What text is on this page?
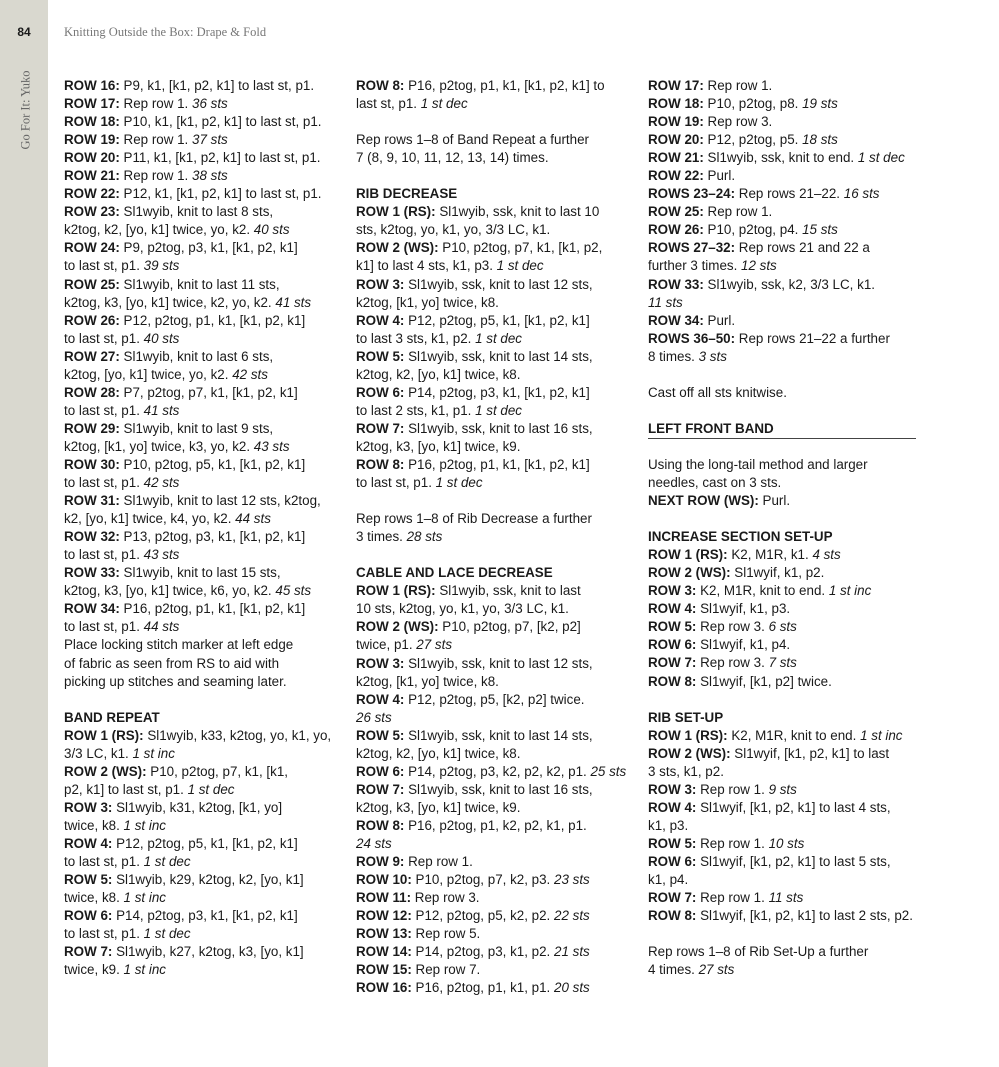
84
Go For It: Yuko
Knitting Outside the Box: Drape & Fold
ROW 16: P9, k1, [k1, p2, k1] to last st, p1.
ROW 17: Rep row 1. 36 sts
ROW 18: P10, k1, [k1, p2, k1] to last st, p1.
ROW 19: Rep row 1. 37 sts
ROW 20: P11, k1, [k1, p2, k1] to last st, p1.
ROW 21: Rep row 1. 38 sts
ROW 22: P12, k1, [k1, p2, k1] to last st, p1.
ROW 23: Sl1wyib, knit to last 8 sts,
k2tog, k2, [yo, k1] twice, yo, k2. 40 sts
ROW 24: P9, p2tog, p3, k1, [k1, p2, k1]
to last st, p1. 39 sts
ROW 25: Sl1wyib, knit to last 11 sts,
k2tog, k3, [yo, k1] twice, k2, yo, k2. 41 sts
ROW 26: P12, p2tog, p1, k1, [k1, p2, k1]
to last st, p1. 40 sts
ROW 27: Sl1wyib, knit to last 6 sts,
k2tog, [yo, k1] twice, yo, k2. 42 sts
ROW 28: P7, p2tog, p7, k1, [k1, p2, k1]
to last st, p1. 41 sts
ROW 29: Sl1wyib, knit to last 9 sts,
k2tog, [k1, yo] twice, k3, yo, k2. 43 sts
ROW 30: P10, p2tog, p5, k1, [k1, p2, k1]
to last st, p1. 42 sts
ROW 31: Sl1wyib, knit to last 12 sts, k2tog,
k2, [yo, k1] twice, k4, yo, k2. 44 sts
ROW 32: P13, p2tog, p3, k1, [k1, p2, k1]
to last st, p1. 43 sts
ROW 33: Sl1wyib, knit to last 15 sts,
k2tog, k3, [yo, k1] twice, k6, yo, k2. 45 sts
ROW 34: P16, p2tog, p1, k1, [k1, p2, k1]
to last st, p1. 44 sts
Place locking stitch marker at left edge
of fabric as seen from RS to aid with
picking up stitches and seaming later.
BAND REPEAT
ROW 1 (RS): Sl1wyib, k33, k2tog, yo, k1, yo,
3/3 LC, k1. 1 st inc
ROW 2 (WS): P10, p2tog, p7, k1, [k1,
p2, k1] to last st, p1. 1 st dec
ROW 3: Sl1wyib, k31, k2tog, [k1, yo]
twice, k8. 1 st inc
ROW 4: P12, p2tog, p5, k1, [k1, p2, k1]
to last st, p1. 1 st dec
ROW 5: Sl1wyib, k29, k2tog, k2, [yo, k1]
twice, k8. 1 st inc
ROW 6: P14, p2tog, p3, k1, [k1, p2, k1]
to last st, p1. 1 st dec
ROW 7: Sl1wyib, k27, k2tog, k3, [yo, k1]
twice, k9. 1 st inc
ROW 8: P16, p2tog, p1, k1, [k1, p2, k1] to
last st, p1. 1 st dec
Rep rows 1–8 of Band Repeat a further
7 (8, 9, 10, 11, 12, 13, 14) times.
RIB DECREASE
ROW 1 (RS): Sl1wyib, ssk, knit to last 10
sts, k2tog, yo, k1, yo, 3/3 LC, k1.
ROW 2 (WS): P10, p2tog, p7, k1, [k1, p2,
k1] to last 4 sts, k1, p3. 1 st dec
ROW 3: Sl1wyib, ssk, knit to last 12 sts,
k2tog, [k1, yo] twice, k8.
ROW 4: P12, p2tog, p5, k1, [k1, p2, k1]
to last 3 sts, k1, p2. 1 st dec
ROW 5: Sl1wyib, ssk, knit to last 14 sts,
k2tog, k2, [yo, k1] twice, k8.
ROW 6: P14, p2tog, p3, k1, [k1, p2, k1]
to last 2 sts, k1, p1. 1 st dec
ROW 7: Sl1wyib, ssk, knit to last 16 sts,
k2tog, k3, [yo, k1] twice, k9.
ROW 8: P16, p2tog, p1, k1, [k1, p2, k1]
to last st, p1. 1 st dec
Rep rows 1–8 of Rib Decrease a further
3 times. 28 sts
CABLE AND LACE DECREASE
ROW 1 (RS): Sl1wyib, ssk, knit to last
10 sts, k2tog, yo, k1, yo, 3/3 LC, k1.
ROW 2 (WS): P10, p2tog, p7, [k2, p2]
twice, p1. 27 sts
ROW 3: Sl1wyib, ssk, knit to last 12 sts,
k2tog, [k1, yo] twice, k8.
ROW 4: P12, p2tog, p5, [k2, p2] twice.
26 sts
ROW 5: Sl1wyib, ssk, knit to last 14 sts,
k2tog, k2, [yo, k1] twice, k8.
ROW 6: P14, p2tog, p3, k2, p2, k2, p1. 25 sts
ROW 7: Sl1wyib, ssk, knit to last 16 sts,
k2tog, k3, [yo, k1] twice, k9.
ROW 8: P16, p2tog, p1, k2, p2, k1, p1.
24 sts
ROW 9: Rep row 1.
ROW 10: P10, p2tog, p7, k2, p3. 23 sts
ROW 11: Rep row 3.
ROW 12: P12, p2tog, p5, k2, p2. 22 sts
ROW 13: Rep row 5.
ROW 14: P14, p2tog, p3, k1, p2. 21 sts
ROW 15: Rep row 7.
ROW 16: P16, p2tog, p1, k1, p1. 20 sts
ROW 17: Rep row 1.
ROW 18: P10, p2tog, p8. 19 sts
ROW 19: Rep row 3.
ROW 20: P12, p2tog, p5. 18 sts
ROW 21: Sl1wyib, ssk, knit to end. 1 st dec
ROW 22: Purl.
ROWS 23–24: Rep rows 21–22. 16 sts
ROW 25: Rep row 1.
ROW 26: P10, p2tog, p4. 15 sts
ROWS 27–32: Rep rows 21 and 22 a
further 3 times. 12 sts
ROW 33: Sl1wyib, ssk, k2, 3/3 LC, k1.
11 sts
ROW 34: Purl.
ROWS 36–50: Rep rows 21–22 a further
8 times. 3 sts
Cast off all sts knitwise.
LEFT FRONT BAND
Using the long-tail method and larger
needles, cast on 3 sts.
NEXT ROW (WS): Purl.
INCREASE SECTION SET-UP
ROW 1 (RS): K2, M1R, k1. 4 sts
ROW 2 (WS): Sl1wyif, k1, p2.
ROW 3: K2, M1R, knit to end. 1 st inc
ROW 4: Sl1wyif, k1, p3.
ROW 5: Rep row 3. 6 sts
ROW 6: Sl1wyif, k1, p4.
ROW 7: Rep row 3. 7 sts
ROW 8: Sl1wyif, [k1, p2] twice.
RIB SET-UP
ROW 1 (RS): K2, M1R, knit to end. 1 st inc
ROW 2 (WS): Sl1wyif, [k1, p2, k1] to last
3 sts, k1, p2.
ROW 3: Rep row 1. 9 sts
ROW 4: Sl1wyif, [k1, p2, k1] to last 4 sts,
k1, p3.
ROW 5: Rep row 1. 10 sts
ROW 6: Sl1wyif, [k1, p2, k1] to last 5 sts,
k1, p4.
ROW 7: Rep row 1. 11 sts
ROW 8: Sl1wyif, [k1, p2, k1] to last 2 sts, p2.
Rep rows 1–8 of Rib Set-Up a further
4 times. 27 sts
